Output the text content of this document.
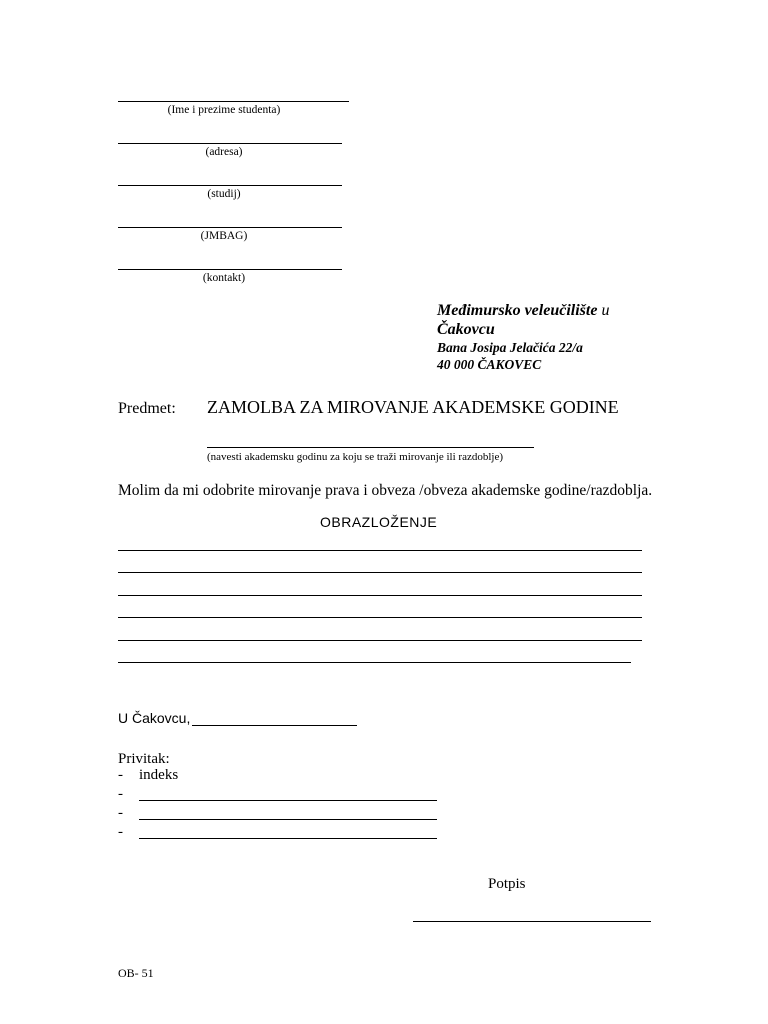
(Ime i prezime studenta)
(adresa)
(studij)
(JMBAG)
(kontakt)
Međimursko veleučilište u
Čakovcu
Bana Josipa Jelačića 22/a
40 000 ČAKOVEC
Predmet: ZAMOLBA ZA MIROVANJE AKADEMSKE GODINE
(navesti akademsku godinu za koju se traži mirovanje ili razdoblje)
Molim da mi odobrite mirovanje prava i obveza /obveza akademske godine/razdoblja.
OBRAZLOŽENJE
U Čakovcu,
Privitak:
- indeks
-
-
-
Potpis
OB- 51
